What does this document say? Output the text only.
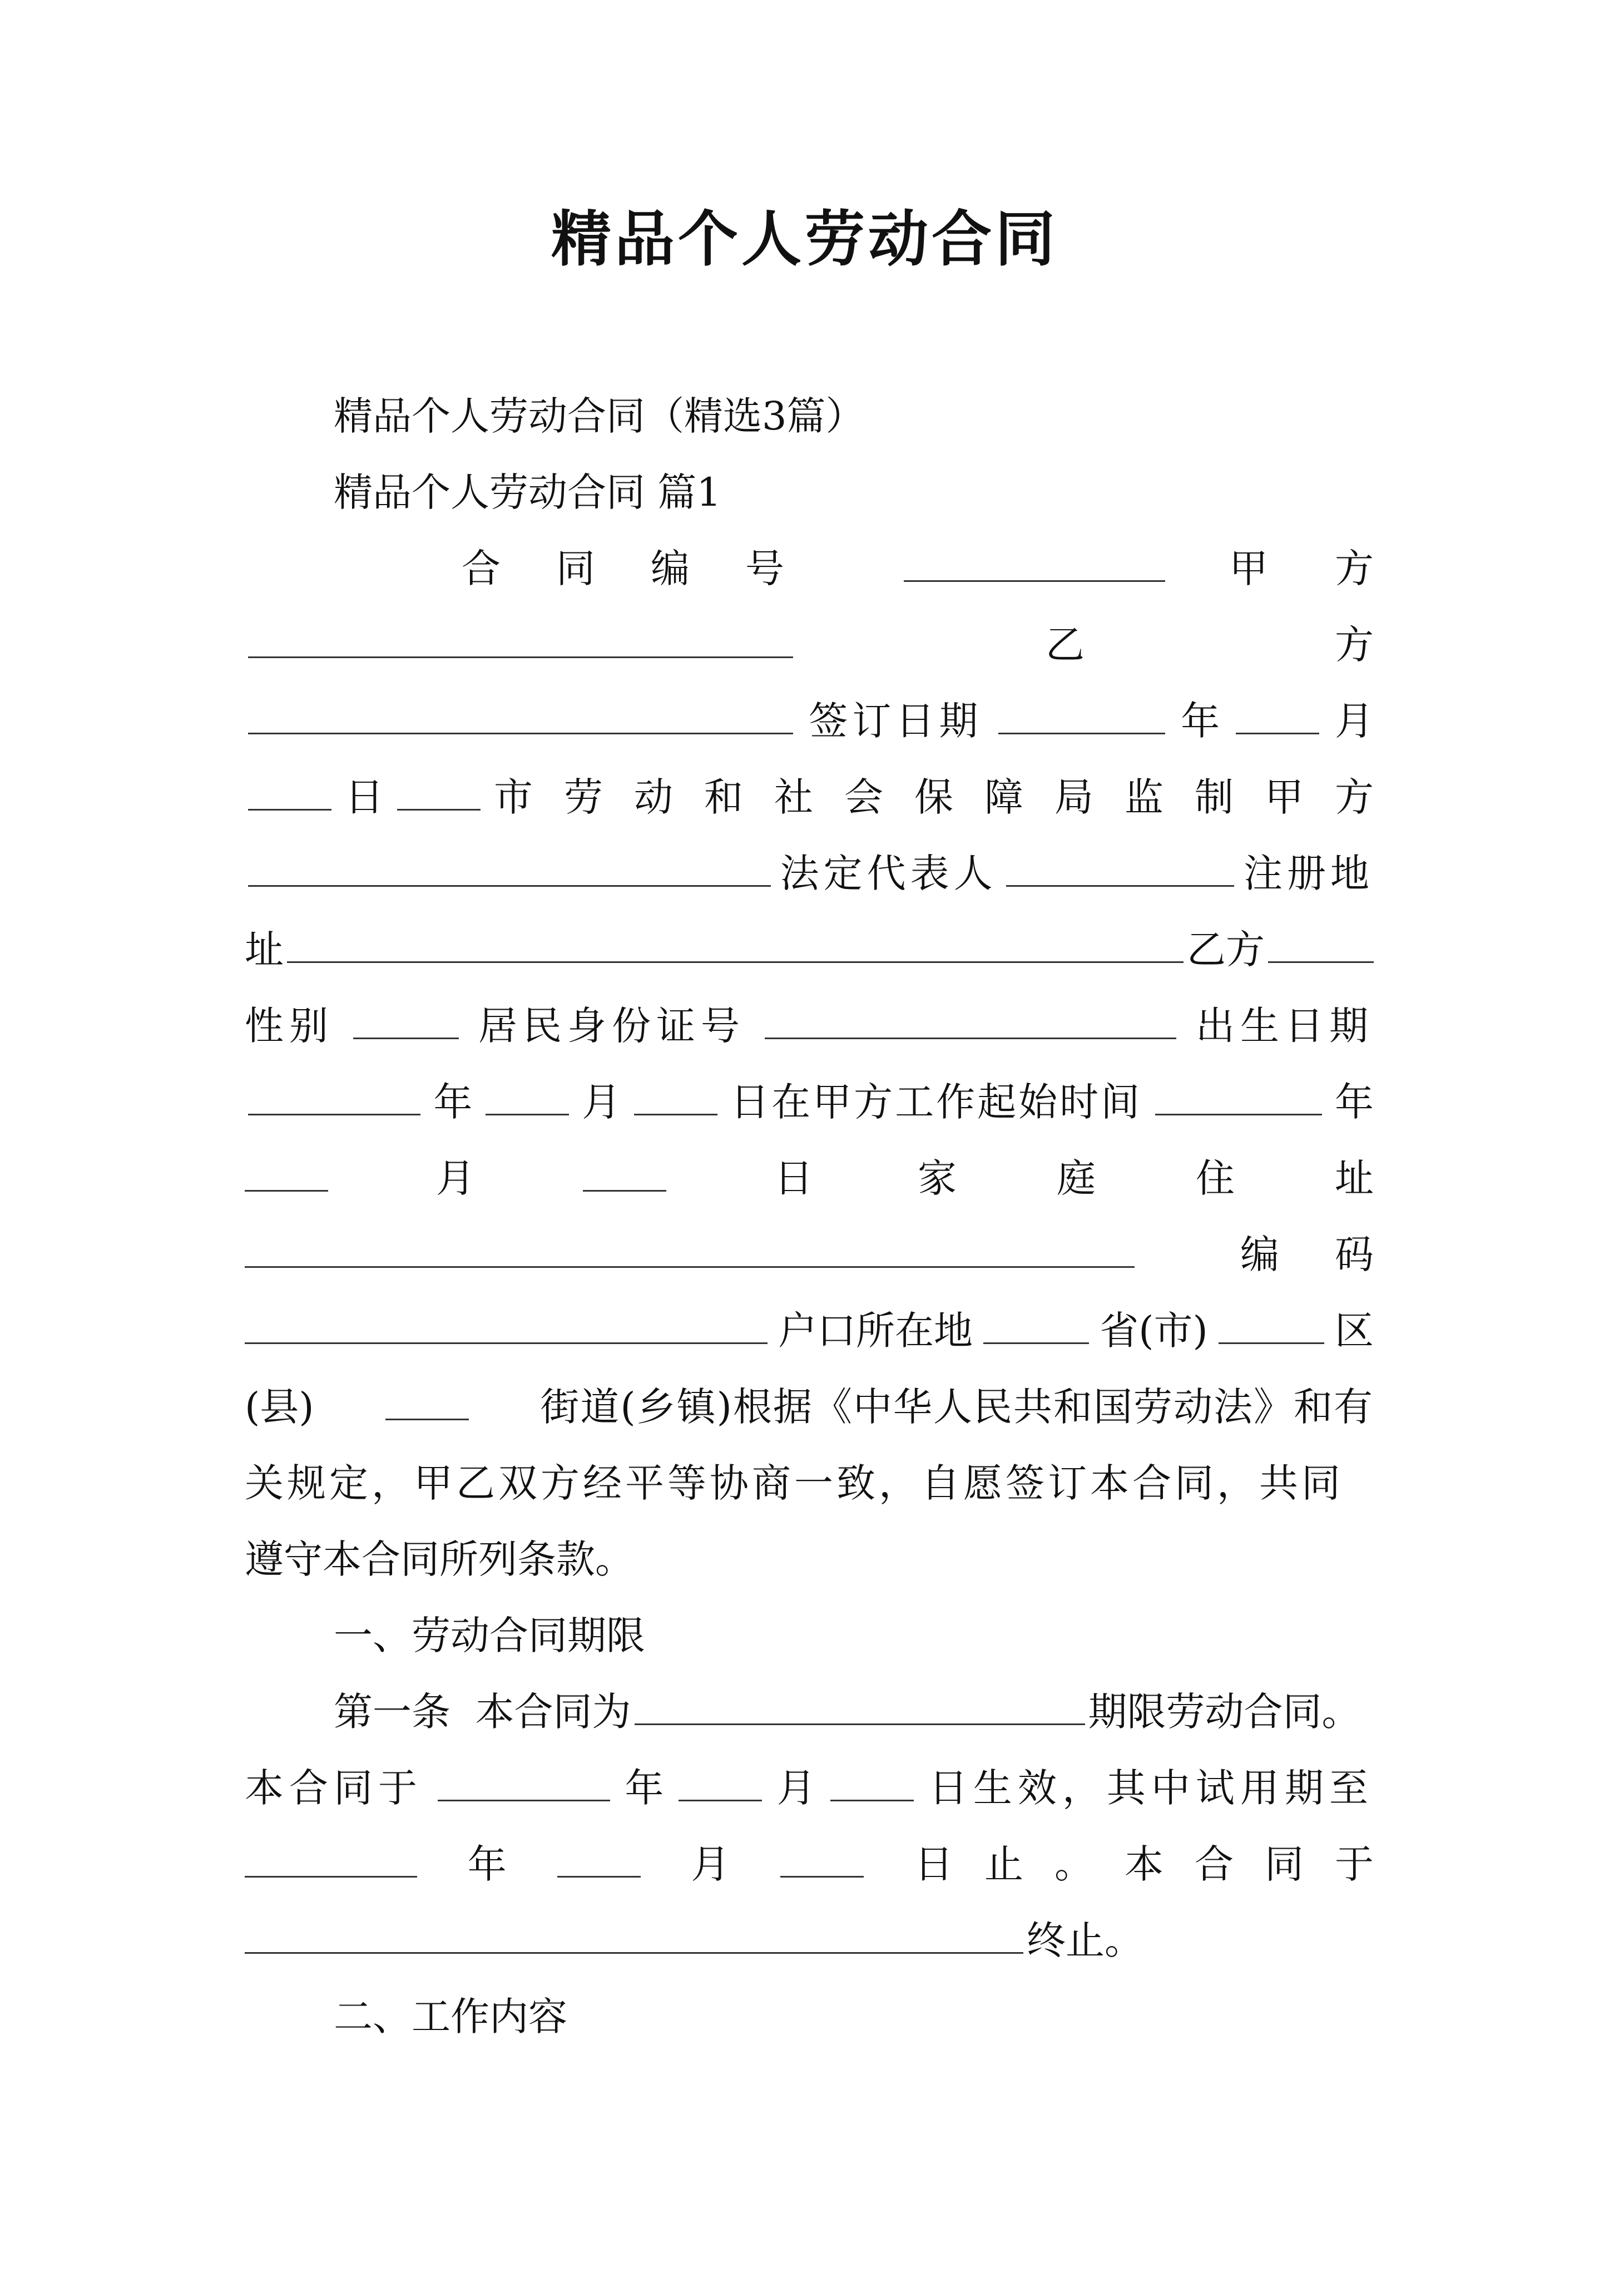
精品个人劳动合同
精品个人劳动合同（精选3篇）
精品个人劳动合同 篇1
合同编号	甲方
乙方
签订日期	年	月
日	市劳动和社会保障局监制甲方
法定代表人	注册地
址	乙方
性别	居民身份证号	出生日期
年	月	日在甲方工作起始时间	年
月	日	家庭住址
编码
户口所在地	省(市)	区
(县)	街道(乡镇)根据《中华人民共和国劳动法》和有
关规定，甲乙双方经平等协商一致，自愿签订本合同，共同
遵守本合同所列条款。
一、劳动合同期限
第一条  本合同为	期限劳动合同。
本合同于	年	月	日生效，其中试用期至
年	月	日止。本合同于
终止。
二、工作内容
